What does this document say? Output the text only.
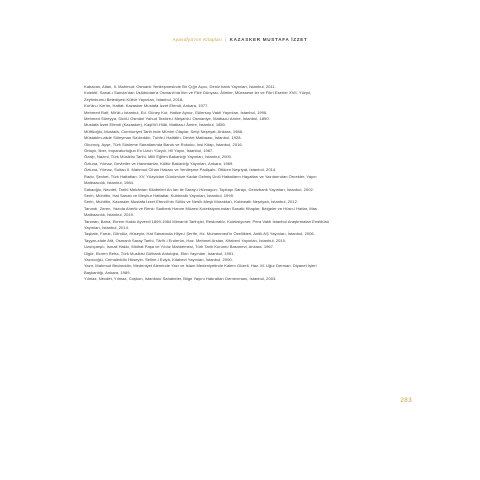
Ayasofya'nın Kitapları | KAZASKER MUSTAFA İZZET
Kabacalı, Altan, II. Mahmud: Osmanlı Yenileşmesinde Bir Çığır Açıcı, Deniz bank Yayınları, İstanbul, 2011.
Kolektif, Sanat-ı Samân'dan Üslûbûdan'a Osmanlı'da İlim ve Fikir Dünyası, Âlimler, Müessese ler ve Fikrî Eserler XVII. Yüzyıl,
Zeytinburnu Belediyesi Kültür Yayınları, İstanbul, 2018.
Kur'ân-ı Kerîm, Hattat: Kazasker Mustafa İzzet Efendi, Ankara, 1977.
Mehmed Raif, Mir'ât-ı İstanbul, Ed. Güney Kut, Hatice Aynur, Gülersoy Vakfı Yayınları, İstanbul, 1996.
Mehmed Süreyya, Sicill-i Osmânî Yahud Tezkire-i Meşahir-i Osmaniye, Matbaa-i Amire, İstanbul, 1890.
Mustafa İzzet Efendi (Kazasker), Kaşîfü'l-Hilâl, Matbaa-i Âmire, İstanbul, 1850.
Müftüoğlu, Mustafa, Cumhuriyet Tarih inde Münîm Olaylar, Selçi Neşriyat, Ankara, 1988.
Müstakîm-zâde Süleyman Sa'deddin, Tuhfe-i Hattâtîn, Devlet Matbaası, İstanbul, 1928.
Okurnuş, Ayşe, Türk Süsleme Sanatlarında Barok ve Rokoko, İnsi Kitap, İstanbul, 2016.
Ortaylı, İlber, İmparatorluğun En Uzun Yüzyılı, Hil Yayın, İstanbul, 1987.
Özalp, Nazmi, Türk Mûsikîsi Tarihi, Millî Eğitim Bakanlığı Yayınları, İstanbul, 2000.
Öztuna, Yılmaz, Devletler ve Hanedanlar, Kültür Bakanlığı Yayınları, Ankara, 1969.
Öztuna, Yılmaz, Sultan II. Mahmud Cihan Hakanı ve Yenileşme Padişahı, Ötüken Neşriyat, İstanbul, 2014.
Rado, Şevket, Türk Hattatları: XV. Yüzyıldan Günümüze Kadar Gelmiş Ünlü Hattatların Hayatları ve Yazılarından Örnekler, Yayın
Matbaacılık, İstanbul, 1984.
Sakaoğlu, Necdet, Tarihî Mekânları Kitabeleri An ları ile Saray-ı Hümayun: Topkapı Sarayı, Denizbank Yayınları, İstanbul, 2002.
Serin, Muhittin, Hat Sanatı ve Meşhur Hattatlar, Kubbealtı Yayınları, İstanbul, 1999.
Serin, Muhittin, Kazasker Mustafa İzzet Efendi'nin Sülüs ve Nesih Meşk Murakka'ı, Kubbealtı Neşriyatı, İstanbul, 2012.
Tanındı, Zeren, Yazıda Aherik ve Renk: Sadberk Hanım Müzesi Koleksiyonundan Sanatlı Kitaplar, Belgeler ve Hüsn-i Hatlar, Mas
Matbaacılık, İstanbul, 2019.
Tanman, Baha, Ekrem Hakkı Ayverdi 1899-1984 Mimarlık Tarihçisi, Restoratör, Koleksiyoner, Pera Vakfı İstanbul Araştırmaları Enstitüsü
Yayınları, İstanbul, 2014.
Taşkale, Faruk, Gündüz, Hüseyin, Hat Sanatında Hilye-i Şerîfe, Hz. Muhammed'in Özellikleri, Antik AŞ Yayınları, İstanbul, 2006.
Tayyar-zâde Atâ, Osmanlı Saray Tarihi, Târîh-i Enderûn, Haz. Mehmet Arslan, Kitabevi Yayınları, İstanbul, 2010.
Uzunçarşılı, İsmail Hakkı, Midhat Paşa ve Yıldız Mahkemesi, Türk Tarih Kurumu Basımevi, Ankara, 1967.
Ülgür, Ekrem Reha, Türk Musikisi Gülbank Antolojisi, Ekin Yayınları, İstanbul, 1991.
Yazıcıoğlu, Cemaleddin Hüseyin, Seline-i Evlyâ, Kitabevi Yayınları, İstanbul, 2000.
Yazır, Mahmud Bedreddin, Medeniyet Aleminde Yazı ve İslam Medeniyetinde Kalem Güzeli, Haz. M. Uğur Derman, Diyanet İşleri
Başkanlığı, Ankara, 1989.
Yılmaz, Necdet, Yılmaz, Coşkun, İstanbulu Sahabeler, Bilge Yayını Hatıratları Dernevmanı, İstanbul, 2003.
283
